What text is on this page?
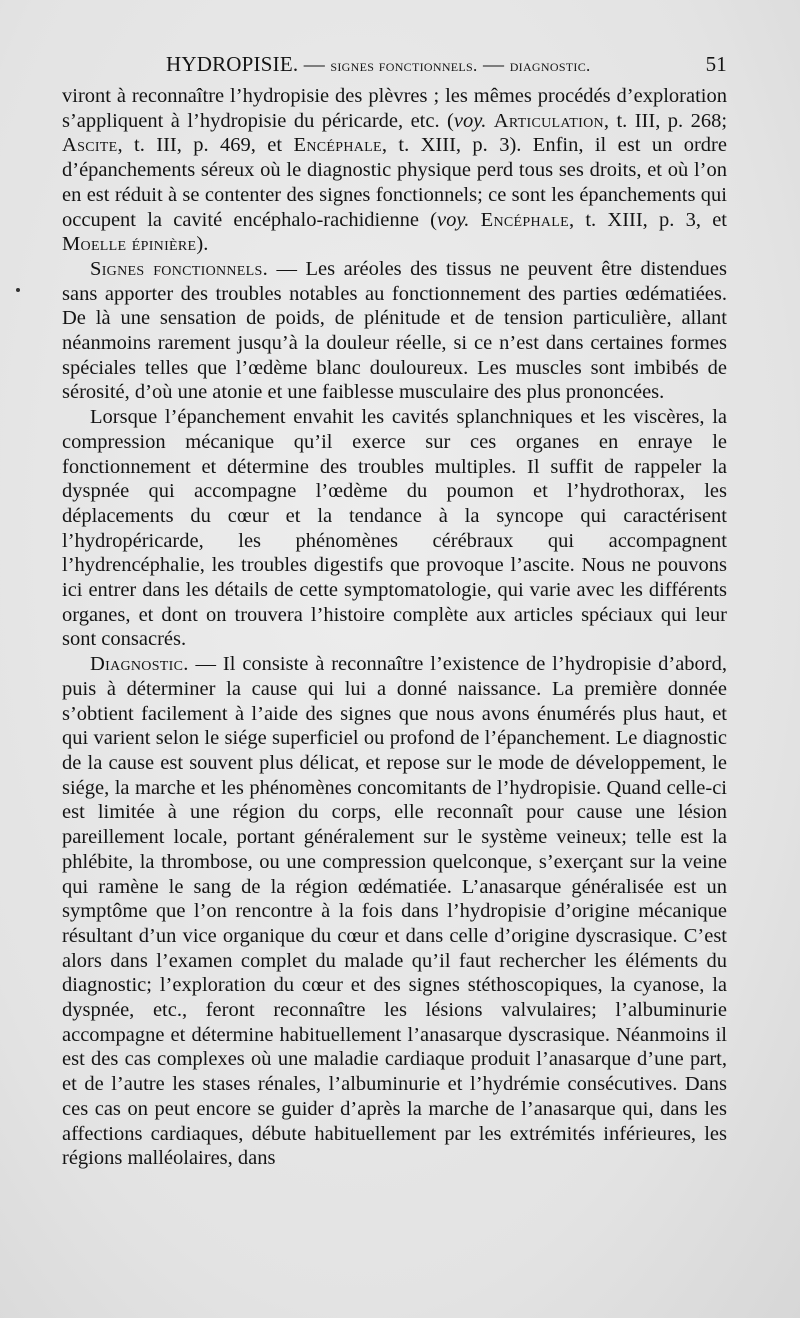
HYDROPISIE. — signes fonctionnels. — diagnostic.	51

viront à reconnaître l’hydropisie des plèvres ; les mêmes procédés d’exploration s’appliquent à l’hydropisie du péricarde, etc. (voy. Articulation, t. III, p. 268; Ascite, t. III, p. 469, et Encéphale, t. XIII, p. 3). Enfin, il est un ordre d’épanchements séreux où le diagnostic physique perd tous ses droits, et où l’on en est réduit à se contenter des signes fonctionnels; ce sont les épanchements qui occupent la cavité encéphalo-rachidienne (voy. Encéphale, t. XIII, p. 3, et Moelle épinière).

Signes fonctionnels. — Les aréoles des tissus ne peuvent être distendues sans apporter des troubles notables au fonctionnement des parties œdématiées. De là une sensation de poids, de plénitude et de tension particulière, allant néanmoins rarement jusqu’à la douleur réelle, si ce n’est dans certaines formes spéciales telles que l’œdème blanc douloureux. Les muscles sont imbibés de sérosité, d’où une atonie et une faiblesse musculaire des plus prononcées.

Lorsque l’épanchement envahit les cavités splanchniques et les viscères, la compression mécanique qu’il exerce sur ces organes en enraye le fonctionnement et détermine des troubles multiples. Il suffit de rappeler la dyspnée qui accompagne l’œdème du poumon et l’hydrothorax, les déplacements du cœur et la tendance à la syncope qui caractérisent l’hydropéricarde, les phénomènes cérébraux qui accompagnent l’hydrencéphalie, les troubles digestifs que provoque l’ascite. Nous ne pouvons ici entrer dans les détails de cette symptomatologie, qui varie avec les différents organes, et dont on trouvera l’histoire complète aux articles spéciaux qui leur sont consacrés.

Diagnostic. — Il consiste à reconnaître l’existence de l’hydropisie d’abord, puis à déterminer la cause qui lui a donné naissance. La première donnée s’obtient facilement à l’aide des signes que nous avons énumérés plus haut, et qui varient selon le siége superficiel ou profond de l’épanchement. Le diagnostic de la cause est souvent plus délicat, et repose sur le mode de développement, le siége, la marche et les phénomènes concomitants de l’hydropisie. Quand celle-ci est limitée à une région du corps, elle reconnaît pour cause une lésion pareillement locale, portant généralement sur le système veineux; telle est la phlébite, la thrombose, ou une compression quelconque, s’exerçant sur la veine qui ramène le sang de la région œdématiée. L’anasarque généralisée est un symptôme que l’on rencontre à la fois dans l’hydropisie d’origine mécanique résultant d’un vice organique du cœur et dans celle d’origine dyscrasique. C’est alors dans l’examen complet du malade qu’il faut rechercher les éléments du diagnostic; l’exploration du cœur et des signes stéthoscopiques, la cyanose, la dyspnée, etc., feront reconnaître les lésions valvulaires; l’albuminurie accompagne et détermine habituellement l’anasarque dyscrasique. Néanmoins il est des cas complexes où une maladie cardiaque produit l’anasarque d’une part, et de l’autre les stases rénales, l’albuminurie et l’hydrémie consécutives. Dans ces cas on peut encore se guider d’après la marche de l’anasarque qui, dans les affections cardiaques, débute habituellement par les extrémités inférieures, les régions malléolaires, dans
